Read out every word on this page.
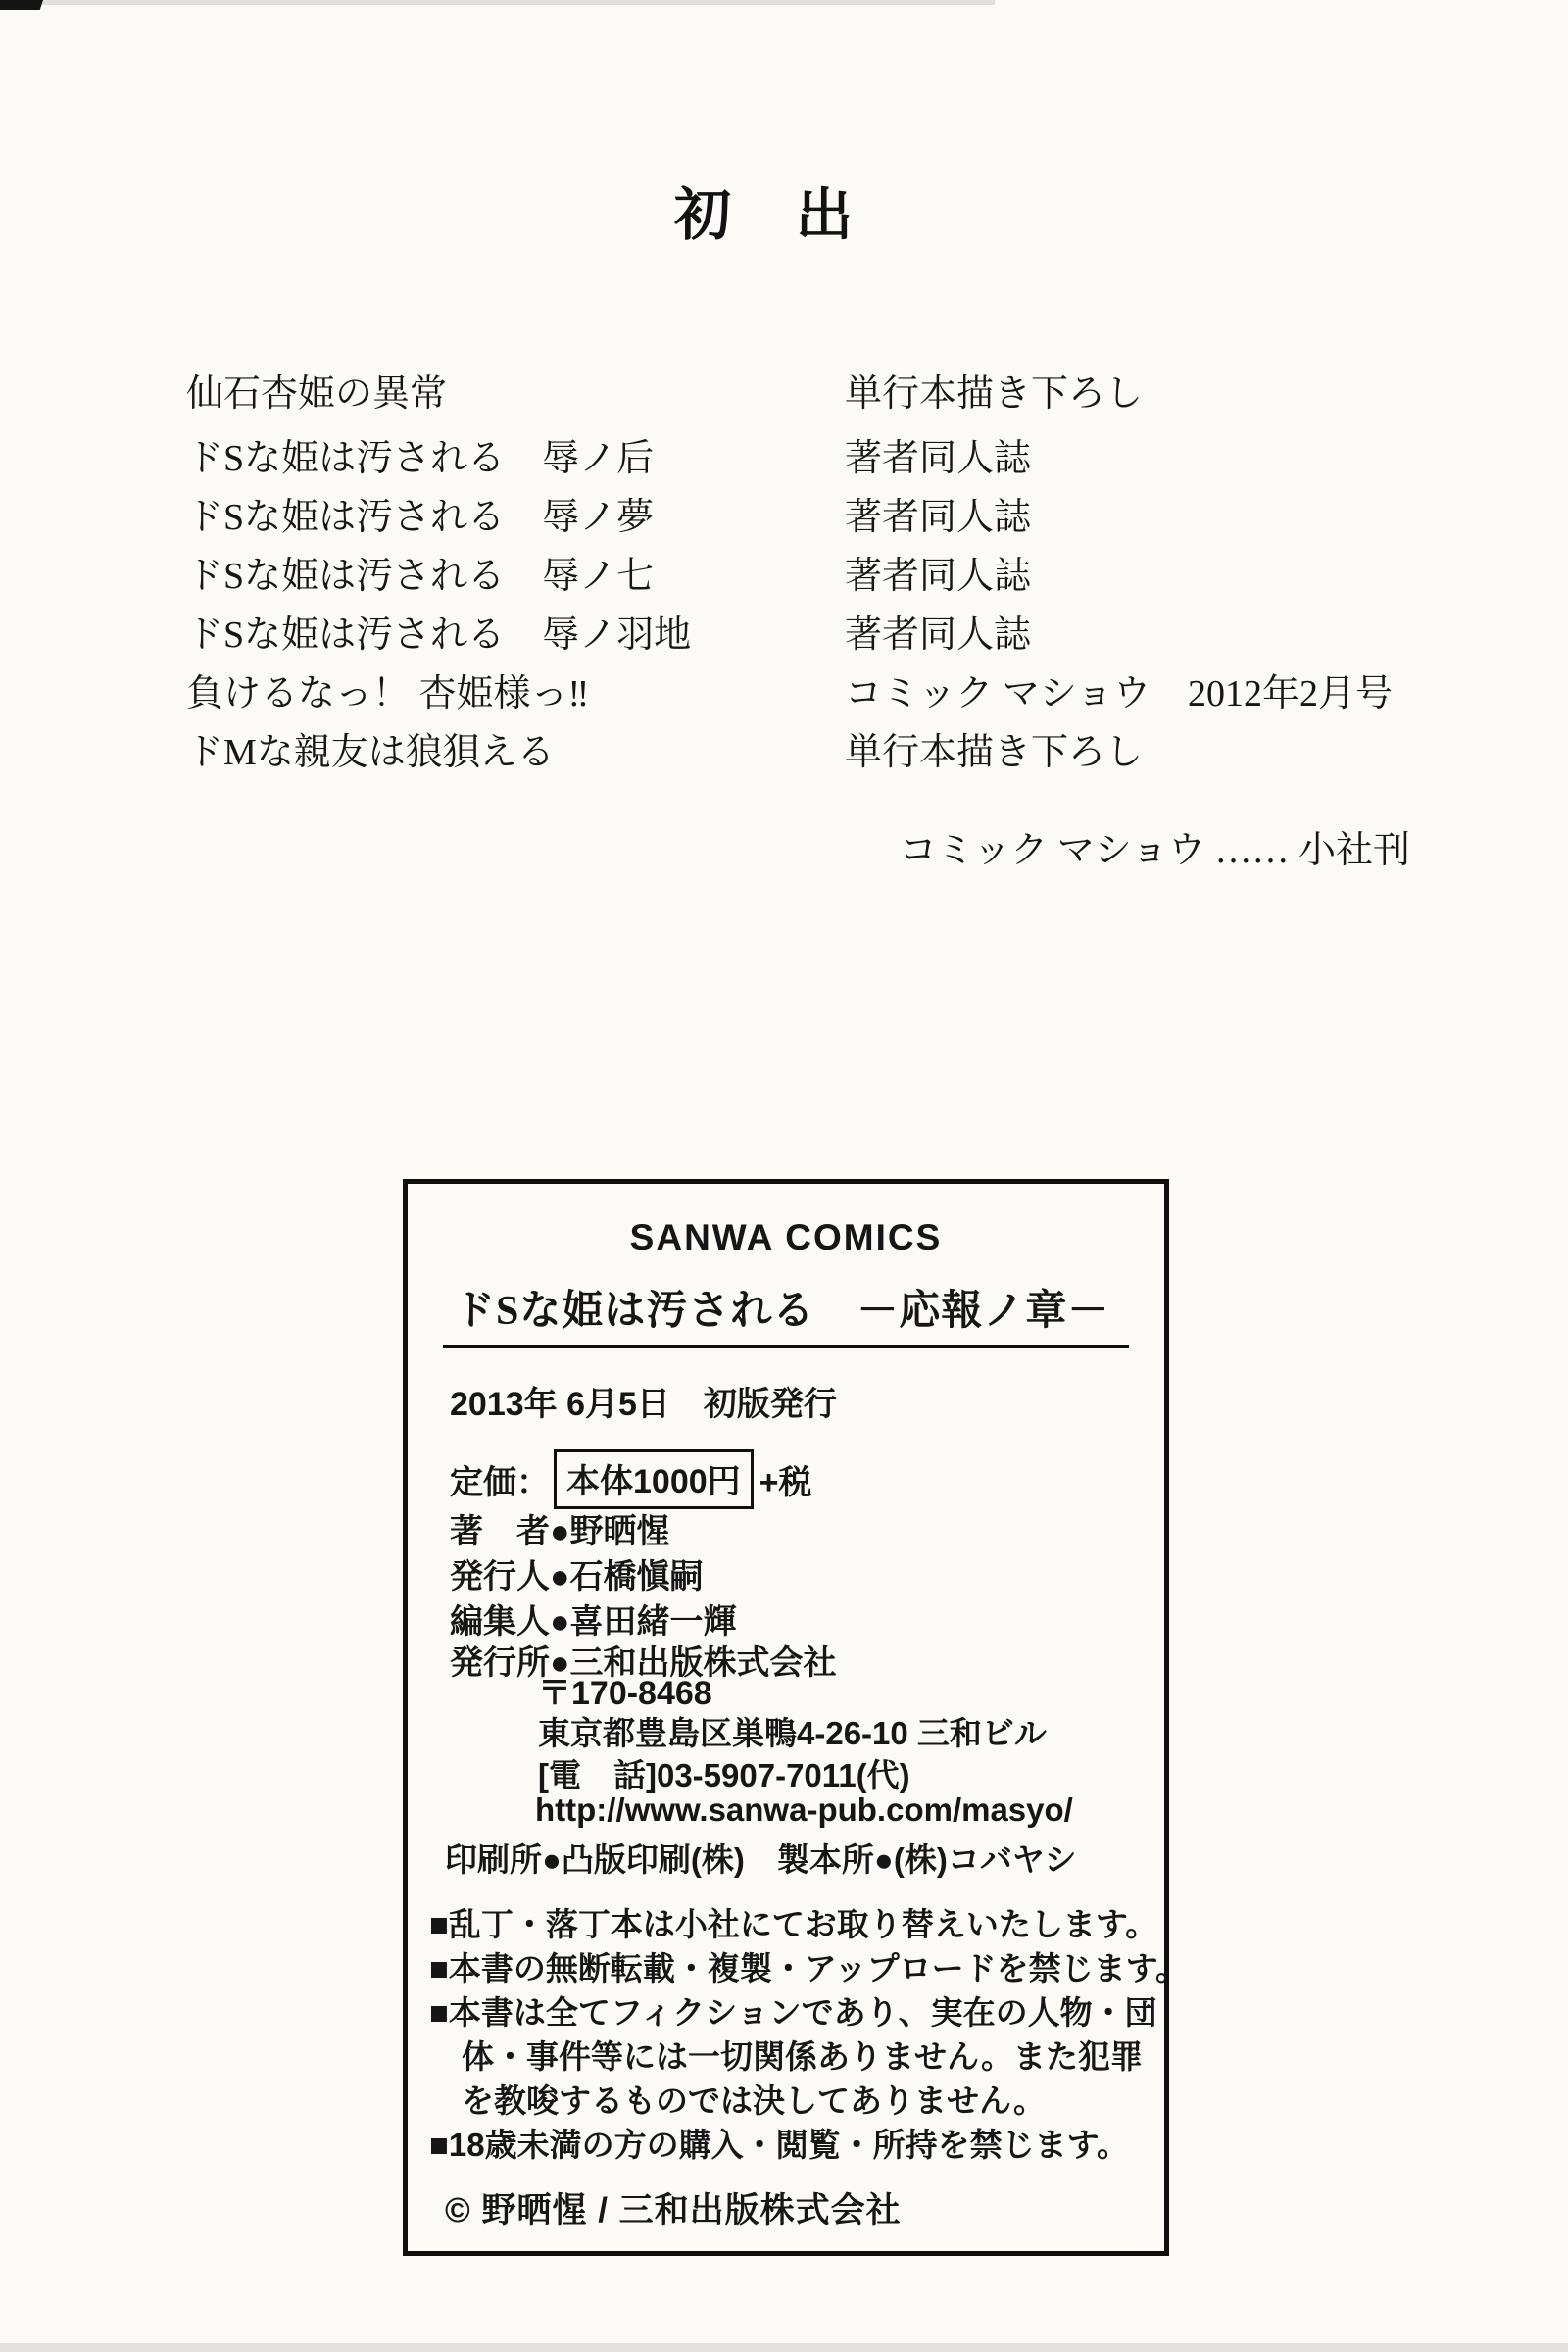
初　出
仙石杏姫の異常	単行本描き下ろし
ドSな姫は汚される　辱ノ后	著者同人誌
ドSな姫は汚される　辱ノ夢	著者同人誌
ドSな姫は汚される　辱ノ七	著者同人誌
ドSな姫は汚される　辱ノ羽地	著者同人誌
負けるなっ！ 杏姫様っ‼	コミック マショウ　2012年2月号
ドMな親友は狼狽える	単行本描き下ろし
コミック マショウ …… 小社刊
SANWA COMICS
ドSな姫は汚される　－応報ノ章－
2013年 6月5日　初版発行
定価： 本体1000円 +税
著　者●野晒惺
発行人●石橋愼嗣
編集人●喜田緒一輝
発行所●三和出版株式会社
〒170-8468
東京都豊島区巣鴨4-26-10 三和ビル
[電　話]03-5907-7011(代)
http://www.sanwa-pub.com/masyo/
印刷所●凸版印刷(株)　製本所●(株)コバヤシ
■乱丁・落丁本は小社にてお取り替えいたします。
■本書の無断転載・複製・アップロードを禁じます。
■本書は全てフィクションであり、実在の人物・団
　体・事件等には一切関係ありません。また犯罪
　を教唆するものでは決してありません。
■18歳未満の方の購入・閲覧・所持を禁じます。
© 野晒惺 / 三和出版株式会社
